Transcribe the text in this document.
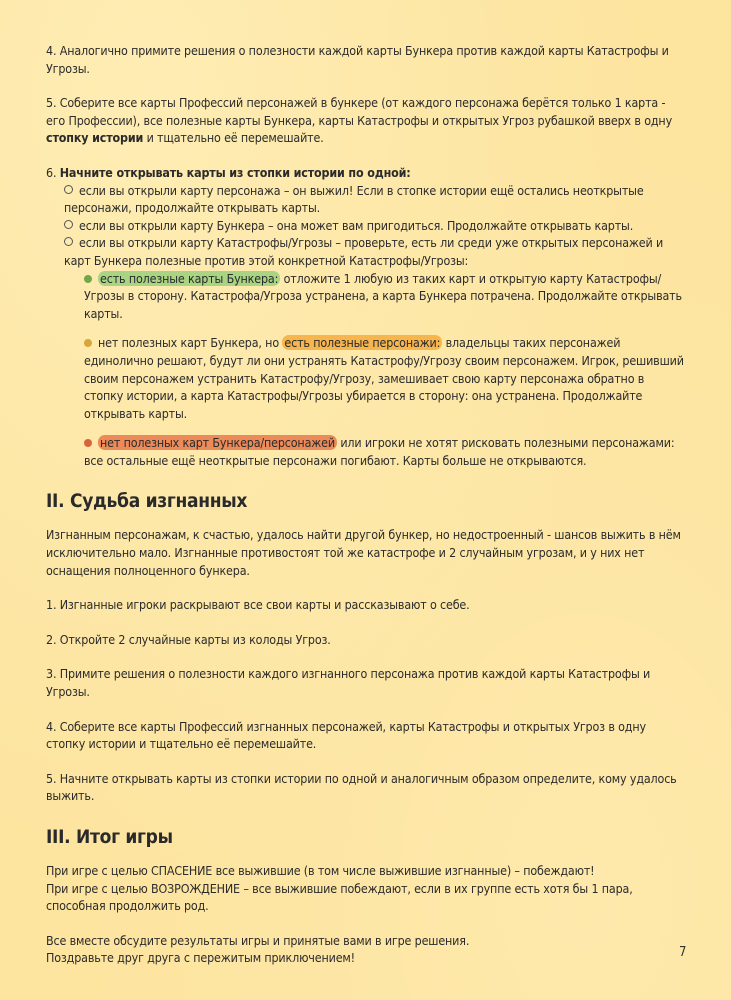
4. Аналогично примите решения о полезности каждой карты Бункера против каждой карты Катастрофы и Угрозы.

5. Соберите все карты Профессий персонажей в бункере (от каждого персонажа берётся только 1 карта - его Профессии), все полезные карты Бункера, карты Катастрофы и открытых Угроз рубашкой вверх в одну стопку истории и тщательно её перемешайте.

6. Начните открывать карты из стопки истории по одной:

если вы открыли карту персонажа – он выжил! Если в стопке истории ещё остались неоткрытые персонажи, продолжайте открывать карты.

если вы открыли карту Бункера – она может вам пригодиться. Продолжайте открывать карты.

если вы открыли карту Катастрофы/Угрозы – проверьте, есть ли среди уже открытых персонажей и карт Бункера полезные против этой конкретной Катастрофы/Угрозы:

есть полезные карты Бункера: отложите 1 любую из таких карт и открытую карту Катастрофы/Угрозы в сторону. Катастрофа/Угроза устранена, а карта Бункера потрачена. Продолжайте открывать карты.

нет полезных карт Бункера, но есть полезные персонажи: владельцы таких персонажей единолично решают, будут ли они устранять Катастрофу/Угрозу своим персонажем. Игрок, решивший своим персонажем устранить Катастрофу/Угрозу, замешивает свою карту персонажа обратно в стопку истории, а карта Катастрофы/Угрозы убирается в сторону: она устранена. Продолжайте открывать карты.

нет полезных карт Бункера/персонажей или игроки не хотят рисковать полезными персонажами: все остальные ещё неоткрытые персонажи погибают. Карты больше не открываются.

II. Судьба изгнанных

Изгнанным персонажам, к счастью, удалось найти другой бункер, но недостроенный - шансов выжить в нём исключительно мало. Изгнанные противостоят той же катастрофе и 2 случайным угрозам, и у них нет оснащения полноценного бункера.

1. Изгнанные игроки раскрывают все свои карты и рассказывают о себе.

2. Откройте 2 случайные карты из колоды Угроз.

3. Примите решения о полезности каждого изгнанного персонажа против каждой карты Катастрофы и Угрозы.

4. Соберите все карты Профессий изгнанных персонажей, карты Катастрофы и открытых Угроз в одну стопку истории и тщательно её перемешайте.

5. Начните открывать карты из стопки истории по одной и аналогичным образом определите, кому удалось выжить.

III. Итог игры

При игре с целью СПАСЕНИЕ все выжившие (в том числе выжившие изгнанные) – побеждают!

При игре с целью ВОЗРОЖДЕНИЕ – все выжившие побеждают, если в их группе есть хотя бы 1 пара, способная продолжить род.

Все вместе обсудите результаты игры и принятые вами в игре решения.

Поздравьте друг друга с пережитым приключением!	7
